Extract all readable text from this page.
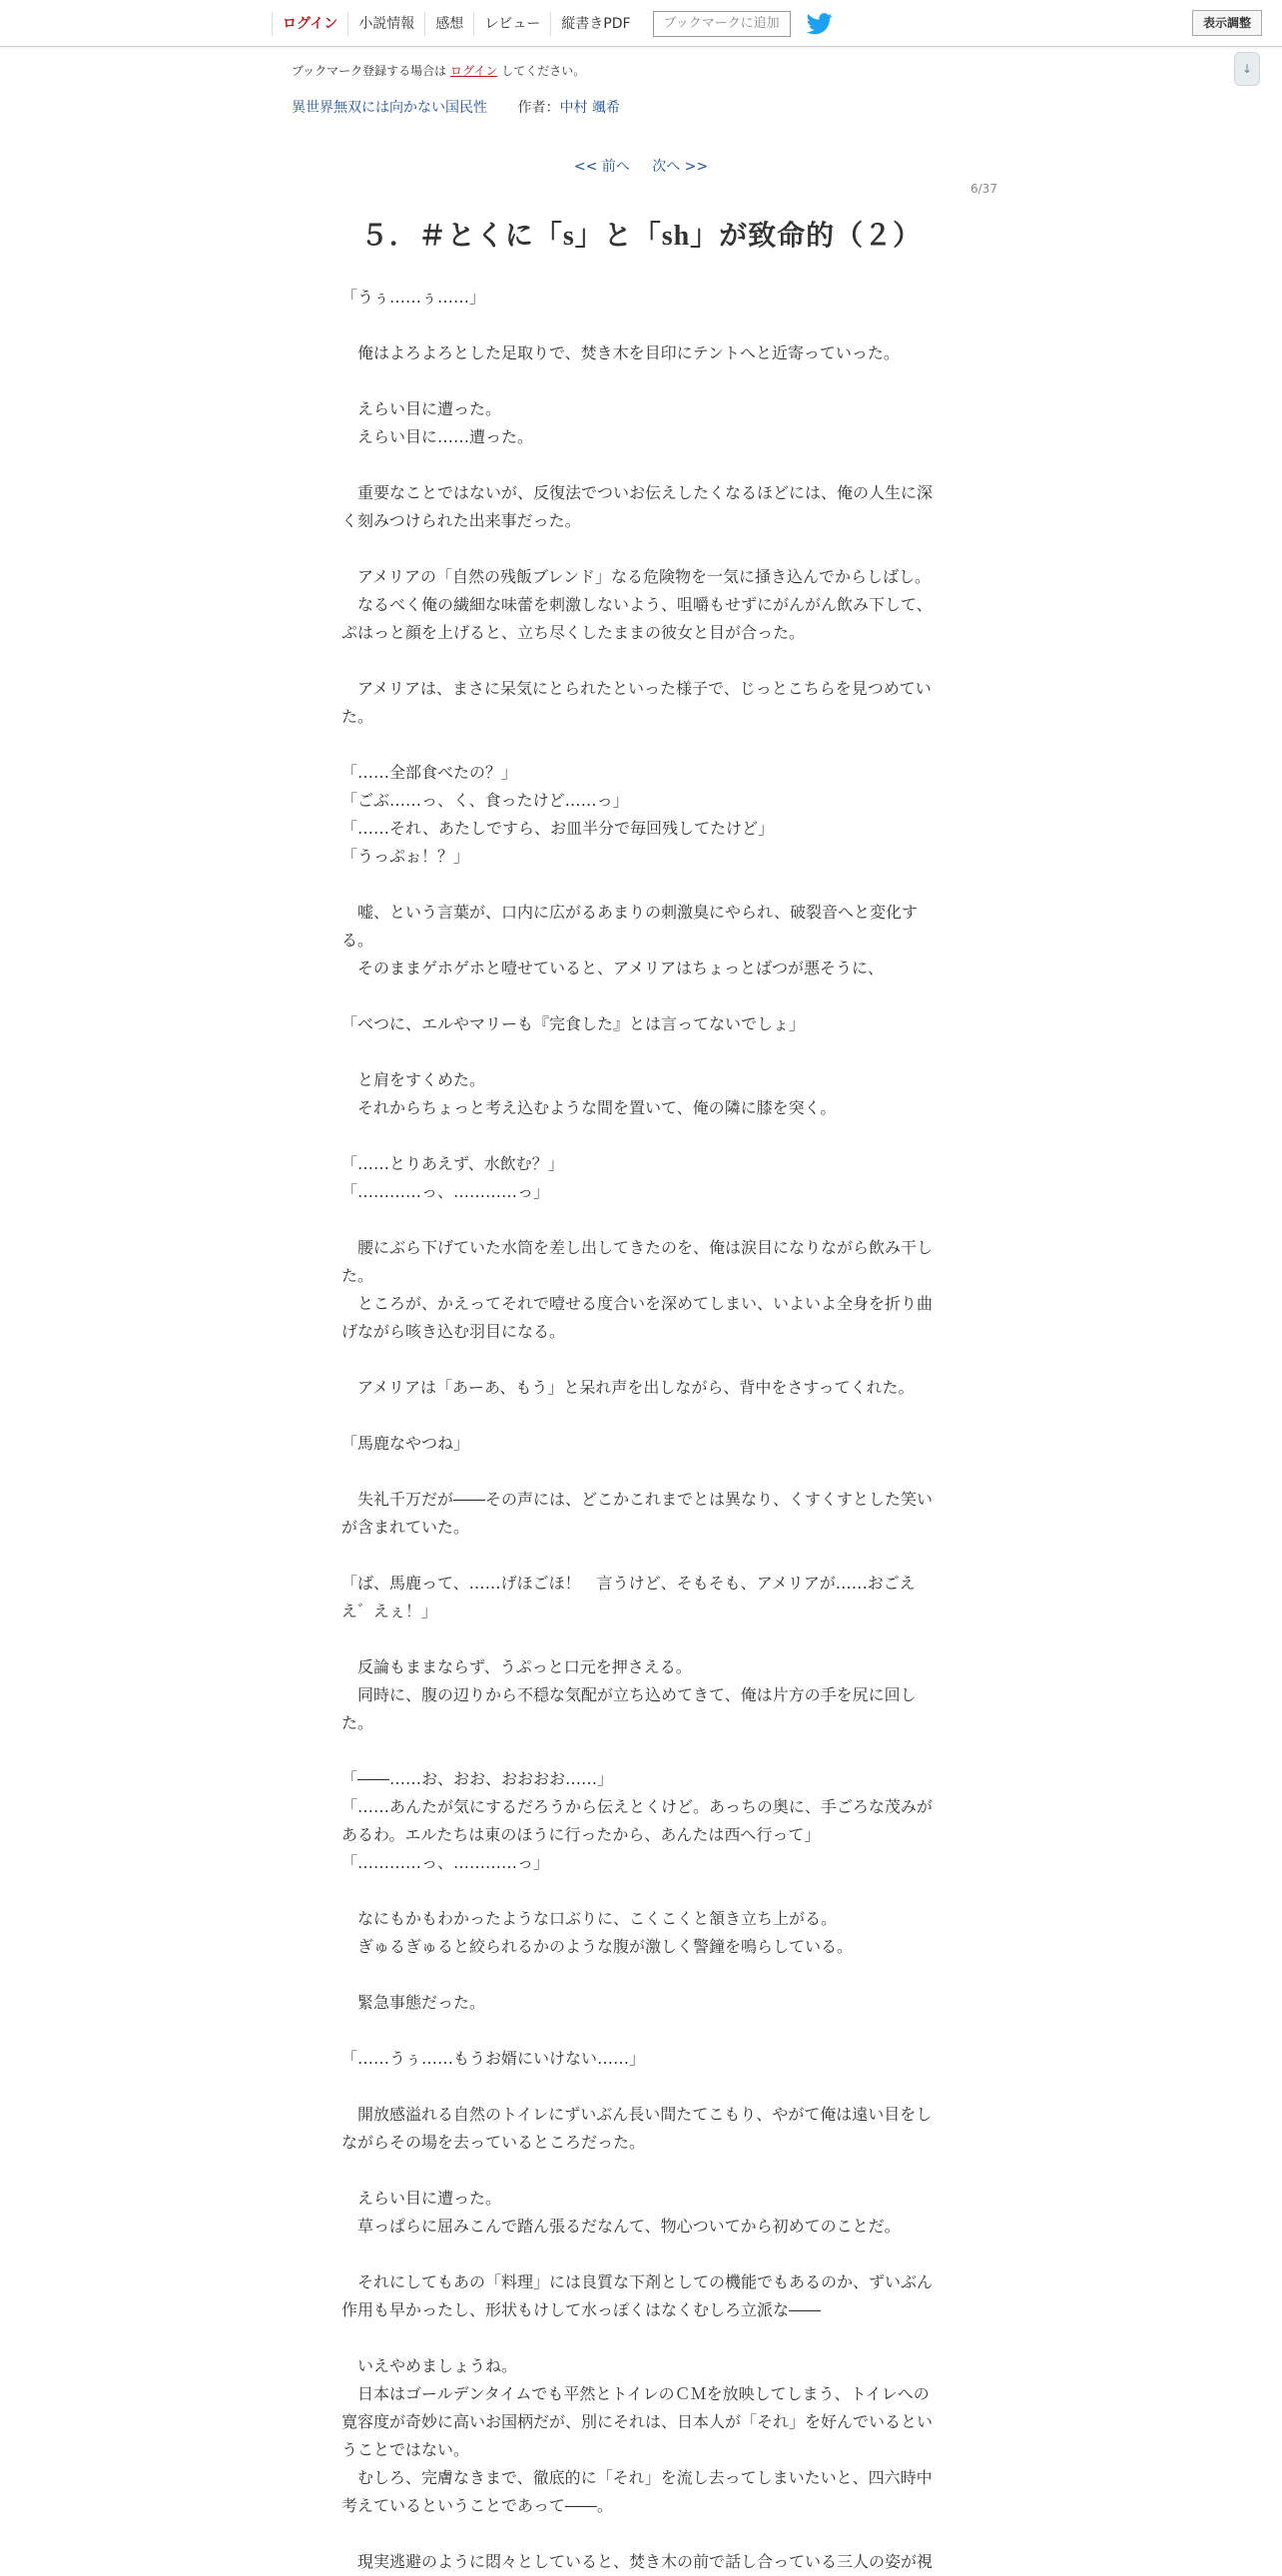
ログイン	小説情報	感想	レビュー	縦書きPDF	ブックマークに追加	表示調整
↓
ブックマーク登録する場合は ログイン してください。
異世界無双には向かない国民性 作者：中村 颯希
<< 前へ 次へ >>
6/37
５．＃とくに「s」と「sh」が致命的（２）

「うぅ……ぅ……」

　俺はよろよろとした足取りで、焚き木を目印にテントへと近寄っていった。

　えらい目に遭った。

　えらい目に……遭った。

　重要なことではないが、反復法でついお伝えしたくなるほどには、俺の人生に深く刻みつけられた出来事だった。

　アメリアの「自然の残飯ブレンド」なる危険物を一気に掻き込んでからしばし。

　なるべく俺の繊細な味蕾を刺激しないよう、咀嚼もせずにがんがん飲み下して、ぷはっと顔を上げると、立ち尽くしたままの彼女と目が合った。

　アメリアは、まさに呆気にとられたといった様子で、じっとこちらを見つめていた。

「……全部食べたの？」

「ごぶ……っ、く、食ったけど……っ」

「……それ、あたしですら、お皿半分で毎回残してたけど」

「うっぷぉ！？」

　嘘、という言葉が、口内に広がるあまりの刺激臭にやられ、破裂音へと変化する。

　そのままゲホゲホと噎せていると、アメリアはちょっとばつが悪そうに、

「べつに、エルやマリーも『完食した』とは言ってないでしょ」

　と肩をすくめた。

　それからちょっと考え込むような間を置いて、俺の隣に膝を突く。

「……とりあえず、水飲む？」

「…………っ、…………っ」

　腰にぶら下げていた水筒を差し出してきたのを、俺は涙目になりながら飲み干した。

　ところが、かえってそれで噎せる度合いを深めてしまい、いよいよ全身を折り曲げながら咳き込む羽目になる。

　アメリアは「あーあ、もう」と呆れ声を出しながら、背中をさすってくれた。

「馬鹿なやつね」

　失礼千万だが――その声には、どこかこれまでとは異なり、くすくすとした笑いが含まれていた。

「ば、馬鹿って、……げほごほ！　言うけど、そもそも、アメリアが……おごええ゛えぇ！」

　反論もままならず、うぷっと口元を押さえる。

　同時に、腹の辺りから不穏な気配が立ち込めてきて、俺は片方の手を尻に回した。

「――……お、おお、おおおお……」

「……あんたが気にするだろうから伝えとくけど。あっちの奥に、手ごろな茂みがあるわ。エルたちは東のほうに行ったから、あんたは西へ行って」

「…………っ、…………っ」

　なにもかもわかったような口ぶりに、こくこくと頷き立ち上がる。

　ぎゅるぎゅると絞られるかのような腹が激しく警鐘を鳴らしている。

　緊急事態だった。

「……うぅ……もうお婿にいけない……」

　開放感溢れる自然のトイレにずいぶん長い間たてこもり、やがて俺は遠い目をしながらその場を去っているところだった。

　えらい目に遭った。

　草っぱらに屈みこんで踏ん張るだなんて、物心ついてから初めてのことだ。

　それにしてもあの「料理」には良質な下剤としての機能でもあるのか、ずいぶん作用も早かったし、形状もけして水っぽくはなくむしろ立派な――

　いえやめましょうね。

　日本はゴールデンタイムでも平然とトイレのＣＭを放映してしまう、トイレへの寛容度が奇妙に高いお国柄だが、別にそれは、日本人が「それ」を好んでいるということではない。

　むしろ、完膚なきまで、徹底的に「それ」を流し去ってしまいたいと、四六時中考えているということであって――。

　現実逃避のように悶々としていると、焚き木の前で話し合っている三人の姿が視
